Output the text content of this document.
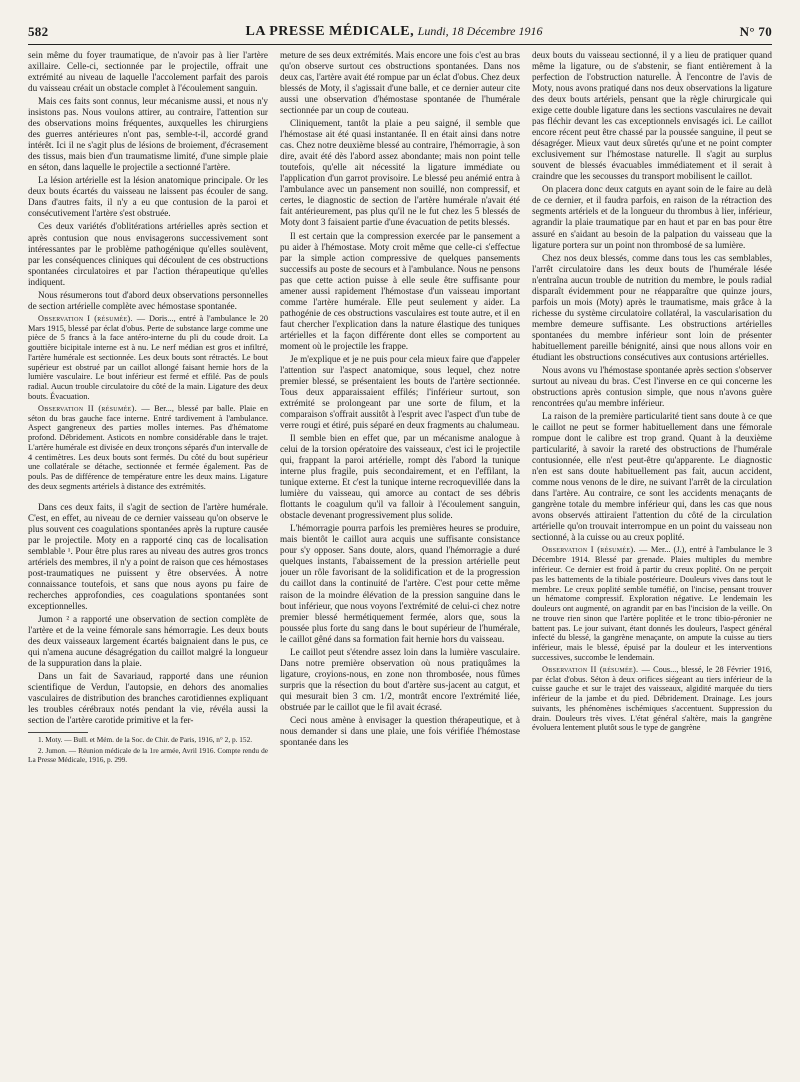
582	LA PRESSE MÉDICALE, Lundi, 18 Décembre 1916	N° 70

sein même du foyer traumatique, de n'avoir pas à lier l'artère axillaire. Celle-ci, sectionnée par le projectile, offrait une extrémité au niveau de laquelle l'accolement parfait des parois du vaisseau créait un obstacle complet à l'écoulement sanguin.

Mais ces faits sont connus, leur mécanisme aussi, et nous n'y insistons pas. Nous voulons attirer, au contraire, l'attention sur des observations moins fréquentes, auxquelles les chirurgiens des guerres antérieures n'ont pas, semble-t-il, accordé grand intérêt. Ici il ne s'agit plus de lésions de broiement, d'écrasement des tissus, mais bien d'un traumatisme limité, d'une simple plaie en séton, dans laquelle le projectile a sectionné l'artère.

La lésion artérielle est la lésion anatomique principale. Or les deux bouts écartés du vaisseau ne laissent pas écouler de sang. Dans d'autres faits, il n'y a eu que contusion de la paroi et consécutivement l'artère s'est obstruée.

Ces deux variétés d'oblitérations artérielles après section et après contusion que nous envisagerons successivement sont intéressantes par le problème pathogénique qu'elles soulèvent, par les conséquences cliniques qui découlent de ces obstructions spontanées circulatoires et par l'action thérapeutique qu'elles indiquent.

Nous résumerons tout d'abord deux observations personnelles de section artérielle complète avec hémostase spontanée.

Observation I (résumée). — Doris..., entré à l'ambulance le 20 Mars 1915, blessé par éclat d'obus. Perte de substance large comme une pièce de 5 francs à la face antéro-interne du pli du coude droit. La gouttière bicipitale interne est à nu. Le nerf médian est gros et infiltré, l'artère humérale est sectionnée. Les deux bouts sont rétractés. Le bout supérieur est obstrué par un caillot allongé faisant hernie hors de la lumière vasculaire. Le bout inférieur est fermé et effilé. Pas de pouls radial. Aucun trouble circulatoire du côté de la main. Ligature des deux bouts. Évacuation.

Observation II (résumée). — Ber..., blessé par balle. Plaie en séton du bras gauche face interne. Entré tardivement à l'ambulance. Aspect gangreneux des parties molles internes. Pas d'hématome profond. Débridement. Asticots en nombre considérable dans le trajet. L'artère humérale est divisée en deux tronçons séparés d'un intervalle de 4 centimètres. Les deux bouts sont fermés. Du côté du bout supérieur une collatérale se détache, sectionnée et fermée également. Pas de pouls. Pas de différence de température entre les deux mains. Ligature des deux segments artériels à distance des extrémités.

Dans ces deux faits, il s'agit de section de l'artère humérale. C'est, en effet, au niveau de ce dernier vaisseau qu'on observe le plus souvent ces coagulations spontanées après la rupture causée par le projectile. Moty en a rapporté cinq cas de localisation semblable ¹. Pour être plus rares au niveau des autres gros troncs artériels des membres, il n'y a point de raison que ces hémostases post-traumatiques ne puissent y être observées. À notre connaissance toutefois, et sans que nous ayons pu faire de recherches approfondies, ces coagulations spontanées sont exceptionnelles.

Jumon ² a rapporté une observation de section complète de l'artère et de la veine fémorale sans hémorragie. Les deux bouts des deux vaisseaux largement écartés baignaient dans le pus, ce qui n'amena aucune désagrégation du caillot malgré la longueur de la suppuration dans la plaie.

Dans un fait de Savariaud, rapporté dans une réunion scientifique de Verdun, l'autopsie, en dehors des anomalies vasculaires de distribution des branches carotidiennes expliquant les troubles cérébraux notés pendant la vie, révéla aussi la section de l'artère carotide primitive et la fer-

1. Moty. — Bull. et Mém. de la Soc. de Chir. de Paris, 1916, n° 2, p. 152.

2. Jumon. — Réunion médicale de la 1re armée, Avril 1916. Compte rendu de La Presse Médicale, 1916, p. 299.

meture de ses deux extrémités. Mais encore une fois c'est au bras qu'on observe surtout ces obstructions spontanées. Dans nos deux cas, l'artère avait été rompue par un éclat d'obus. Chez deux blessés de Moty, il s'agissait d'une balle, et ce dernier auteur cite aussi une observation d'hémostase spontanée de l'humérale sectionnée par un coup de couteau.

Cliniquement, tantôt la plaie a peu saigné, il semble que l'hémostase ait été quasi instantanée. Il en était ainsi dans notre cas. Chez notre deuxième blessé au contraire, l'hémorragie, à son dire, avait été dès l'abord assez abondante; mais non point telle toutefois, qu'elle ait nécessité la ligature immédiate ou l'application d'un garrot provisoire. Le blessé peu anémié entra à l'ambulance avec un pansement non souillé, non compressif, et certes, le diagnostic de section de l'artère humérale n'avait été fait antérieurement, pas plus qu'il ne le fut chez les 5 blessés de Moty dont 3 faisaient partie d'une évacuation de petits blessés.

Il est certain que la compression exercée par le pansement a pu aider à l'hémostase. Moty croit même que celle-ci s'effectue par la simple action compressive de quelques pansements successifs au poste de secours et à l'ambulance. Nous ne pensons pas que cette action puisse à elle seule être suffisante pour amener aussi rapidement l'hémostase d'un vaisseau important comme l'artère humérale. Elle peut seulement y aider. La pathogénie de ces obstructions vasculaires est toute autre, et il en faut chercher l'explication dans la nature élastique des tuniques artérielles et la façon différente dont elles se comportent au moment où le projectile les frappe.

Je m'explique et je ne puis pour cela mieux faire que d'appeler l'attention sur l'aspect anatomique, sous lequel, chez notre premier blessé, se présentaient les bouts de l'artère sectionnée. Tous deux apparaissaient effilés; l'inférieur surtout, son extrémité se prolongeant par une sorte de filum, et la comparaison s'offrait aussitôt à l'esprit avec l'aspect d'un tube de verre rougi et étiré, puis séparé en deux fragments au chalumeau.

Il semble bien en effet que, par un mécanisme analogue à celui de la torsion opératoire des vaisseaux, c'est ici le projectile qui, frappant la paroi artérielle, rompt dès l'abord la tunique interne plus fragile, puis secondairement, et en l'effilant, la tunique externe. Et c'est la tunique interne recroquevillée dans la lumière du vaisseau, qui amorce au contact de ses débris flottants le coagulum qu'il va falloir à l'écoulement sanguin, obstacle devenant progressivement plus solide.

L'hémorragie pourra parfois les premières heures se produire, mais bientôt le caillot aura acquis une suffisante consistance pour s'y opposer. Sans doute, alors, quand l'hémorragie a duré quelques instants, l'abaissement de la pression artérielle peut jouer un rôle favorisant de la solidification et de la progression du caillot dans la continuité de l'artère. C'est pour cette même raison de la moindre élévation de la pression sanguine dans le bout inférieur, que nous voyons l'extrémité de celui-ci chez notre premier blessé hermétiquement fermée, alors que, sous la poussée plus forte du sang dans le bout supérieur de l'humérale, le caillot gêné dans sa formation fait hernie hors du vaisseau.

Le caillot peut s'étendre assez loin dans la lumière vasculaire. Dans notre première observation où nous pratiquâmes la ligature, croyions-nous, en zone non thrombosée, nous fûmes surpris que la résection du bout d'artère sus-jacent au catgut, et qui mesurait bien 3 cm. 1/2, montrât encore l'extrémité liée, obstruée par le caillot que le fil avait écrasé.

Ceci nous amène à envisager la question thérapeutique, et à nous demander si dans une plaie, une fois vérifiée l'hémostase spontanée dans les

deux bouts du vaisseau sectionné, il y a lieu de pratiquer quand même la ligature, ou de s'abstenir, se fiant entièrement à la perfection de l'obstruction naturelle. À l'encontre de l'avis de Moty, nous avons pratiqué dans nos deux observations la ligature des deux bouts artériels, pensant que la règle chirurgicale qui exige cette double ligature dans les sections vasculaires ne devait pas fléchir devant les cas exceptionnels envisagés ici. Le caillot encore récent peut être chassé par la poussée sanguine, il peut se désagréger. Mieux vaut deux sûretés qu'une et ne point compter exclusivement sur l'hémostase naturelle. Il s'agit au surplus souvent de blessés évacuables immédiatement et il serait à craindre que les secousses du transport mobilisent le caillot.

On placera donc deux catguts en ayant soin de le faire au delà de ce dernier, et il faudra parfois, en raison de la rétraction des segments artériels et de la longueur du thrombus à lier, inférieur, agrandir la plaie traumatique par en haut et par en bas pour être assuré en s'aidant au besoin de la palpation du vaisseau que la ligature portera sur un point non thrombosé de sa lumière.

Chez nos deux blessés, comme dans tous les cas semblables, l'arrêt circulatoire dans les deux bouts de l'humérale lésée n'entraîna aucun trouble de nutrition du membre, le pouls radial disparaît évidemment pour ne réapparaître que quinze jours, parfois un mois (Moty) après le traumatisme, mais grâce à la richesse du système circulatoire collatéral, la vascularisation du membre demeure suffisante. Les obstructions artérielles spontanées du membre inférieur sont loin de présenter habituellement pareille bénignité, ainsi que nous allons voir en étudiant les obstructions consécutives aux contusions artérielles.

Nous avons vu l'hémostase spontanée après section s'observer surtout au niveau du bras. C'est l'inverse en ce qui concerne les obstructions après contusion simple, que nous n'avons guère rencontrées qu'au membre inférieur.

La raison de la première particularité tient sans doute à ce que le caillot ne peut se former habituellement dans une fémorale rompue dont le calibre est trop grand. Quant à la deuxième particularité, à savoir la rareté des obstructions de l'humérale contusionnée, elle n'est peut-être qu'apparente. Le diagnostic n'en est sans doute habituellement pas fait, aucun accident, comme nous venons de le dire, ne suivant l'arrêt de la circulation dans l'artère. Au contraire, ce sont les accidents menaçants de gangrène totale du membre inférieur qui, dans les cas que nous avons observés attiraient l'attention du côté de la circulation artérielle qu'on trouvait interrompue en un point du vaisseau non sectionné, à la cuisse ou au creux poplité.

Observation I (résumée). — Mer... (J.), entré à l'ambulance le 3 Décembre 1914. Blessé par grenade. Plaies multiples du membre inférieur. Ce dernier est froid à partir du creux poplité. On ne perçoit pas les battements de la tibiale postérieure. Douleurs vives dans tout le membre. Le creux poplité semble tuméfié, on l'incise, pensant trouver un hématome compressif. Exploration négative. Le lendemain les douleurs ont augmenté, on agrandit par en bas l'incision de la veille. On ne trouve rien sinon que l'artère poplitée et le tronc tibio-péronier ne battent pas. Le jour suivant, étant donnés les douleurs, l'aspect général infecté du blessé, la gangrène menaçante, on ampute la cuisse au tiers inférieur, mais le blessé, épuisé par la douleur et les interventions successives, succombe le lendemain.

Observation II (résumée). — Cous..., blessé, le 28 Février 1916, par éclat d'obus. Séton à deux orifices siégeant au tiers inférieur de la cuisse gauche et sur le trajet des vaisseaux, algidité marquée du tiers inférieur de la jambe et du pied. Débridement. Drainage. Les jours suivants, les phénomènes ischémiques s'accentuent. Suppression du drain. Douleurs très vives. L'état général s'altère, mais la gangrène évoluera lentement plutôt sous le type de gangrène
